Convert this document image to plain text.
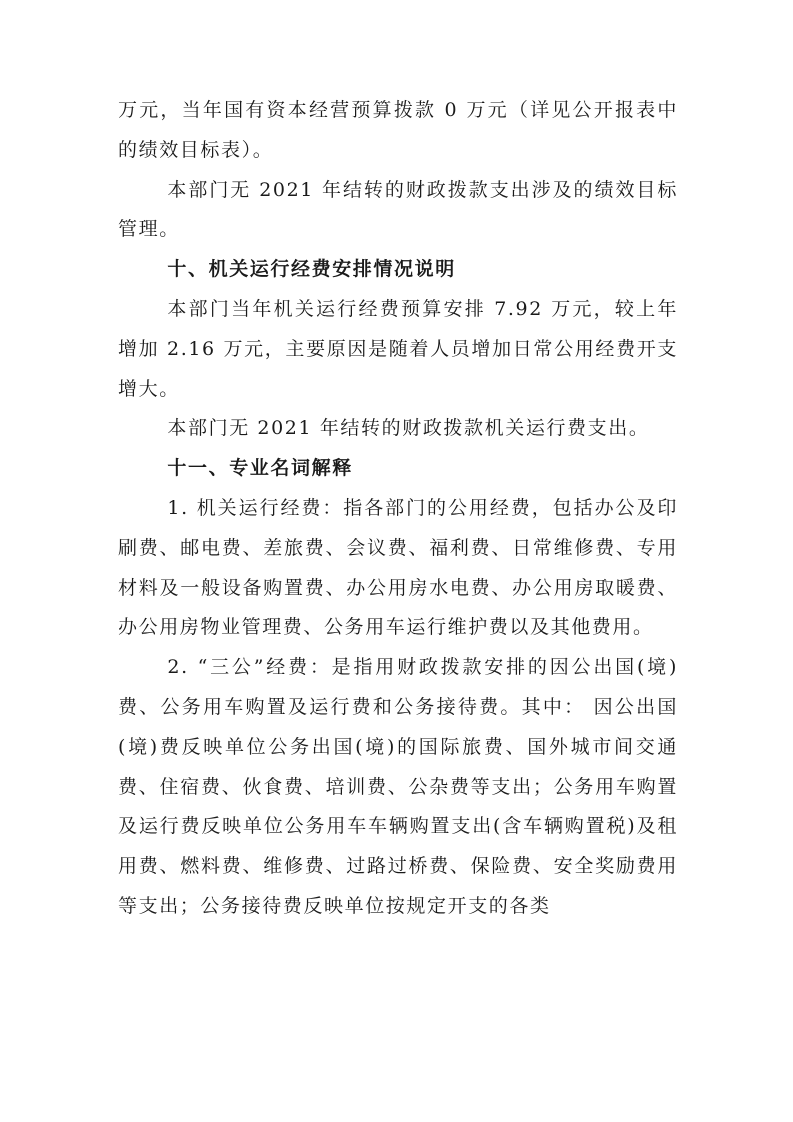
万元，当年国有资本经营预算拨款 0 万元（详见公开报表中的绩效目标表）。

本部门无 2021 年结转的财政拨款支出涉及的绩效目标管理。

十、机关运行经费安排情况说明

本部门当年机关运行经费预算安排 7.92 万元，较上年增加 2.16 万元，主要原因是随着人员增加日常公用经费开支增大。

本部门无 2021 年结转的财政拨款机关运行费支出。

十一、专业名词解释

1. 机关运行经费：指各部门的公用经费，包括办公及印刷费、邮电费、差旅费、会议费、福利费、日常维修费、专用材料及一般设备购置费、办公用房水电费、办公用房取暖费、办公用房物业管理费、公务用车运行维护费以及其他费用。

2. “三公”经费：是指用财政拨款安排的因公出国(境)费、公务用车购置及运行费和公务接待费。其中： 因公出国(境)费反映单位公务出国(境)的国际旅费、国外城市间交通费、住宿费、伙食费、培训费、公杂费等支出；公务用车购置及运行费反映单位公务用车车辆购置支出(含车辆购置税)及租用费、燃料费、维修费、过路过桥费、保险费、安全奖励费用等支出；公务接待费反映单位按规定开支的各类
